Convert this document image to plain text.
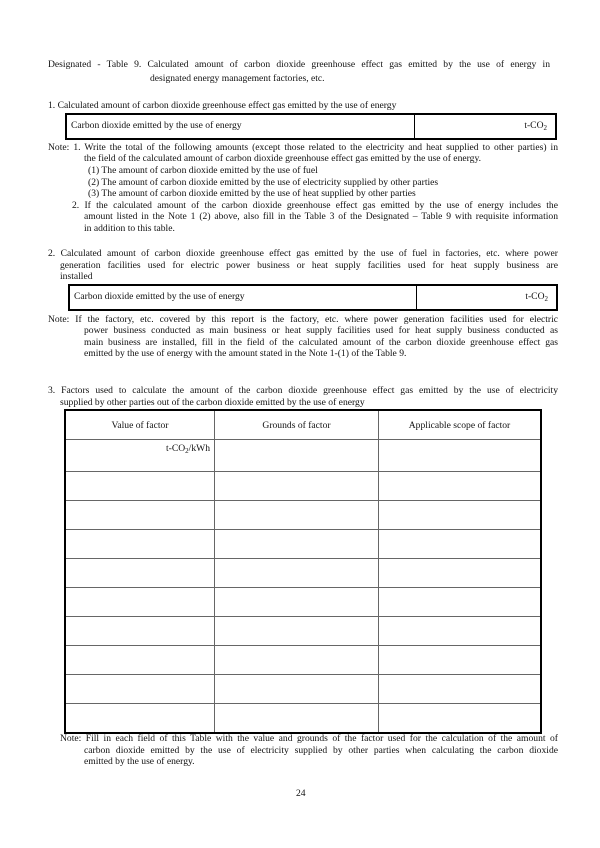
Designated - Table 9. Calculated amount of carbon dioxide greenhouse effect gas emitted by the use of energy in
designated energy management factories, etc.
1. Calculated amount of carbon dioxide greenhouse effect gas emitted by the use of energy
Carbon dioxide emitted by the use of energy	$t-CO_2$
Note: 1. Write the total of the following amounts (except those related to the electricity and heat supplied to other parties) in
the field of the calculated amount of carbon dioxide greenhouse effect gas emitted by the use of energy.
(1) The amount of carbon dioxide emitted by the use of fuel
(2) The amount of carbon dioxide emitted by the use of electricity supplied by other parties
(3) The amount of carbon dioxide emitted by the use of heat supplied by other parties
2. If the calculated amount of the carbon dioxide greenhouse effect gas emitted by the use of energy includes the
amount listed in the Note 1 (2) above, also fill in the Table 3 of the Designated – Table 9 with requisite information
in addition to this table.
2. Calculated amount of carbon dioxide greenhouse effect gas emitted by the use of fuel in factories, etc. where power
generation facilities used for electric power business or heat supply facilities used for heat supply business are
installed
Carbon dioxide emitted by the use of energy	$t-CO_2$
Note: If the factory, etc. covered by this report is the factory, etc. where power generation facilities used for electric
power business conducted as main business or heat supply facilities used for heat supply business conducted as
main business are installed, fill in the field of the calculated amount of the carbon dioxide greenhouse effect gas
emitted by the use of energy with the amount stated in the Note 1-(1) of the Table 9.
3. Factors used to calculate the amount of the carbon dioxide greenhouse effect gas emitted by the use of electricity
supplied by other parties out of the carbon dioxide emitted by the use of energy
Value of factor	Grounds of factor	Applicable scope of factor
$t-CO_2$/kWh		

Note: Fill in each field of this Table with the value and grounds of the factor used for the calculation of the amount of
carbon dioxide emitted by the use of electricity supplied by other parties when calculating the carbon dioxide
emitted by the use of energy.
24
